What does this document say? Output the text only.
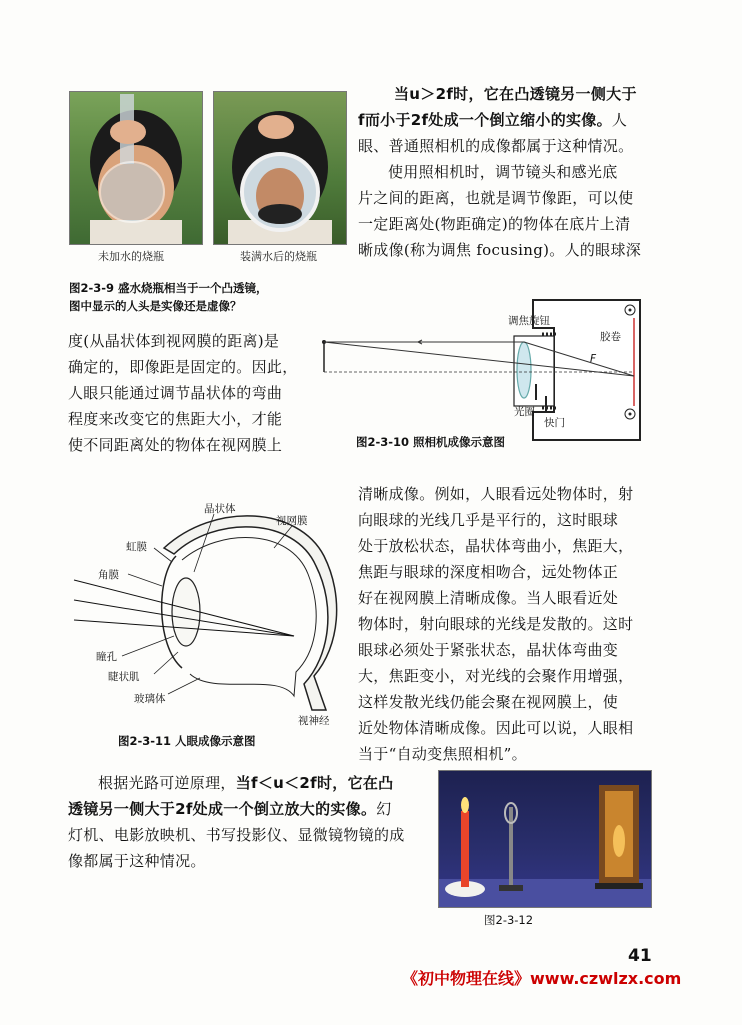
未加水的烧瓶	装满水后的烧瓶
图2-3-9 盛水烧瓶相当于一个凸透镜，
图中显示的人头是实像还是虚像？
当u＞2f时，它在凸透镜另一侧大于
f而小于2f处成一个倒立缩小的实像。人
眼、普通照相机的成像都属于这种情况。
使用照相机时，调节镜头和感光底
片之间的距离，也就是调节像距，可以使
一定距离处(物距确定)的物体在底片上清
晰成像(称为调焦 focusing)。人的眼球深
度(从晶状体到视网膜的距离)是
确定的，即像距是固定的。因此，
人眼只能通过调节晶状体的弯曲
程度来改变它的焦距大小，才能
使不同距离处的物体在视网膜上
调焦旋钮
胶卷
F
光圈
快门
图2-3-10 照相机成像示意图
晶状体
视网膜
虹膜
角膜
瞳孔
睫状肌
玻璃体
视神经
图2-3-11 人眼成像示意图
清晰成像。例如，人眼看远处物体时，射
向眼球的光线几乎是平行的，这时眼球
处于放松状态，晶状体弯曲小，焦距大，
焦距与眼球的深度相吻合，远处物体正
好在视网膜上清晰成像。当人眼看近处
物体时，射向眼球的光线是发散的。这时
眼球必须处于紧张状态，晶状体弯曲变
大，焦距变小，对光线的会聚作用增强，
这样发散光线仍能会聚在视网膜上，使
近处物体清晰成像。因此可以说，人眼相
当于“自动变焦照相机”。
根据光路可逆原理，当f＜u＜2f时，它在凸
透镜另一侧大于2f处成一个倒立放大的实像。幻
灯机、电影放映机、书写投影仪、显微镜物镜的成
像都属于这种情况。
图2-3-12
41
《初中物理在线》www.czwlzx.com
